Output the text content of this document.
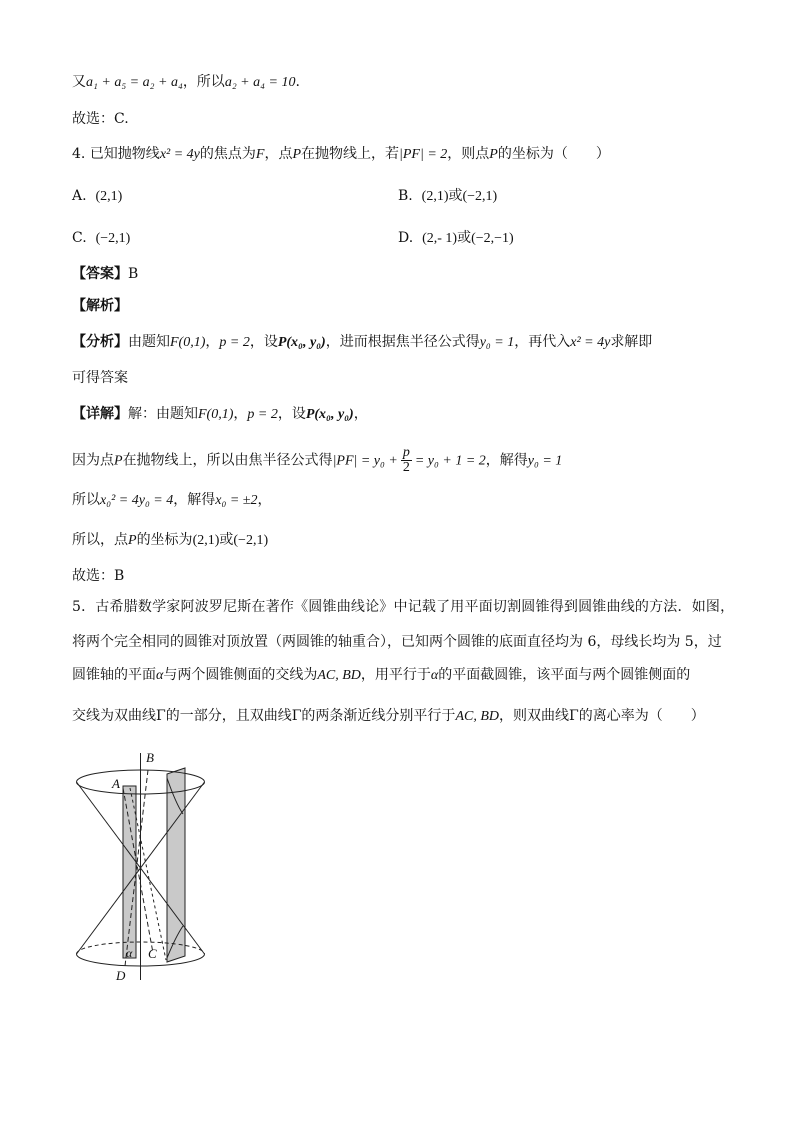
又a₁ + a₅ = a₂ + a₄，所以a₂ + a₄ = 10.
故选：C.
4. 已知抛物线x² = 4y的焦点为F，点P在抛物线上，若|PF| = 2，则点P的坐标为（　　）
A. (2,1)	B. (2,1)或(−2,1)
C. (−2,1)	D. (2,- 1)或(−2,−1)
【答案】B
【解析】
【分析】由题知F(0,1)，p = 2，设P(x₀, y₀)，进而根据焦半径公式得y₀ = 1，再代入x² = 4y求解即
可得答案
【详解】解：由题知F(0,1)，p = 2，设P(x₀, y₀)，
因为点P在抛物线上，所以由焦半径公式得$|PF| = y_0 + \frac{p}{2} = y_0 + 1 = 2$，解得y₀ = 1
所以x₀² = 4y₀ = 4，解得x₀ = ±2，
所以，点P的坐标为(2,1)或(−2,1)
故选：B
5．古希腊数学家阿波罗尼斯在著作《圆锥曲线论》中记载了用平面切割圆锥得到圆锥曲线的方法．如图，
将两个完全相同的圆锥对顶放置（两圆锥的轴重合），已知两个圆锥的底面直径均为 6，母线长均为 5，过
圆锥轴的平面α与两个圆锥侧面的交线为AC, BD，用平行于α的平面截圆锥，该平面与两个圆锥侧面的
交线为双曲线Γ的一部分，且双曲线Γ的两条渐近线分别平行于AC, BD，则双曲线Γ的离心率为（　　）
A
B
C
D
α
